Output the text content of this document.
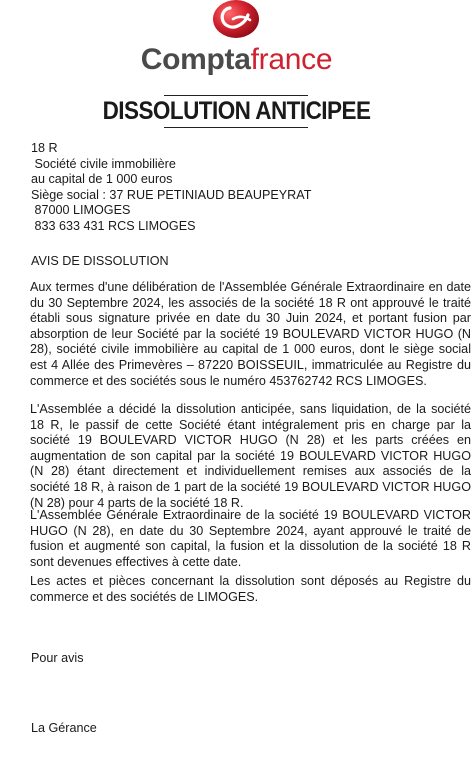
Comptafrance
DISSOLUTION ANTICIPEE
18 R
Société civile immobilière
au capital de 1 000 euros
Siège social : 37 RUE PETINIAUD BEAUPEYRAT
87000 LIMOGES
833 633 431 RCS LIMOGES
AVIS DE DISSOLUTION

Aux termes d'une délibération de l'Assemblée Générale Extraordinaire en date du 30 Septembre 2024, les associés de la société 18 R ont approuvé le traité établi sous signature privée en date du 30 Juin 2024, et portant fusion par absorption de leur Société par la société 19 BOULEVARD VICTOR HUGO (N 28), société civile immobilière au capital de 1 000 euros, dont le siège social est 4 Allée des Primevères – 87220 BOISSEUIL, immatriculée au Registre du commerce et des sociétés sous le numéro 453762742 RCS LIMOGES.

L'Assemblée a décidé la dissolution anticipée, sans liquidation, de la société 18 R, le passif de cette Société étant intégralement pris en charge par la société 19 BOULEVARD VICTOR HUGO (N 28) et les parts créées en augmentation de son capital par la société 19 BOULEVARD VICTOR HUGO (N 28) étant directement et individuellement remises aux associés de la société 18 R, à raison de 1 part de la société 19 BOULEVARD VICTOR HUGO (N 28) pour 4 parts de la société 18 R.

L'Assemblée Générale Extraordinaire de la société 19 BOULEVARD VICTOR HUGO (N 28), en date du 30 Septembre 2024, ayant approuvé le traité de fusion et augmenté son capital, la fusion et la dissolution de la société 18 R sont devenues effectives à cette date.

Les actes et pièces concernant la dissolution sont déposés au Registre du commerce et des sociétés de LIMOGES.

Pour avis
La Gérance
